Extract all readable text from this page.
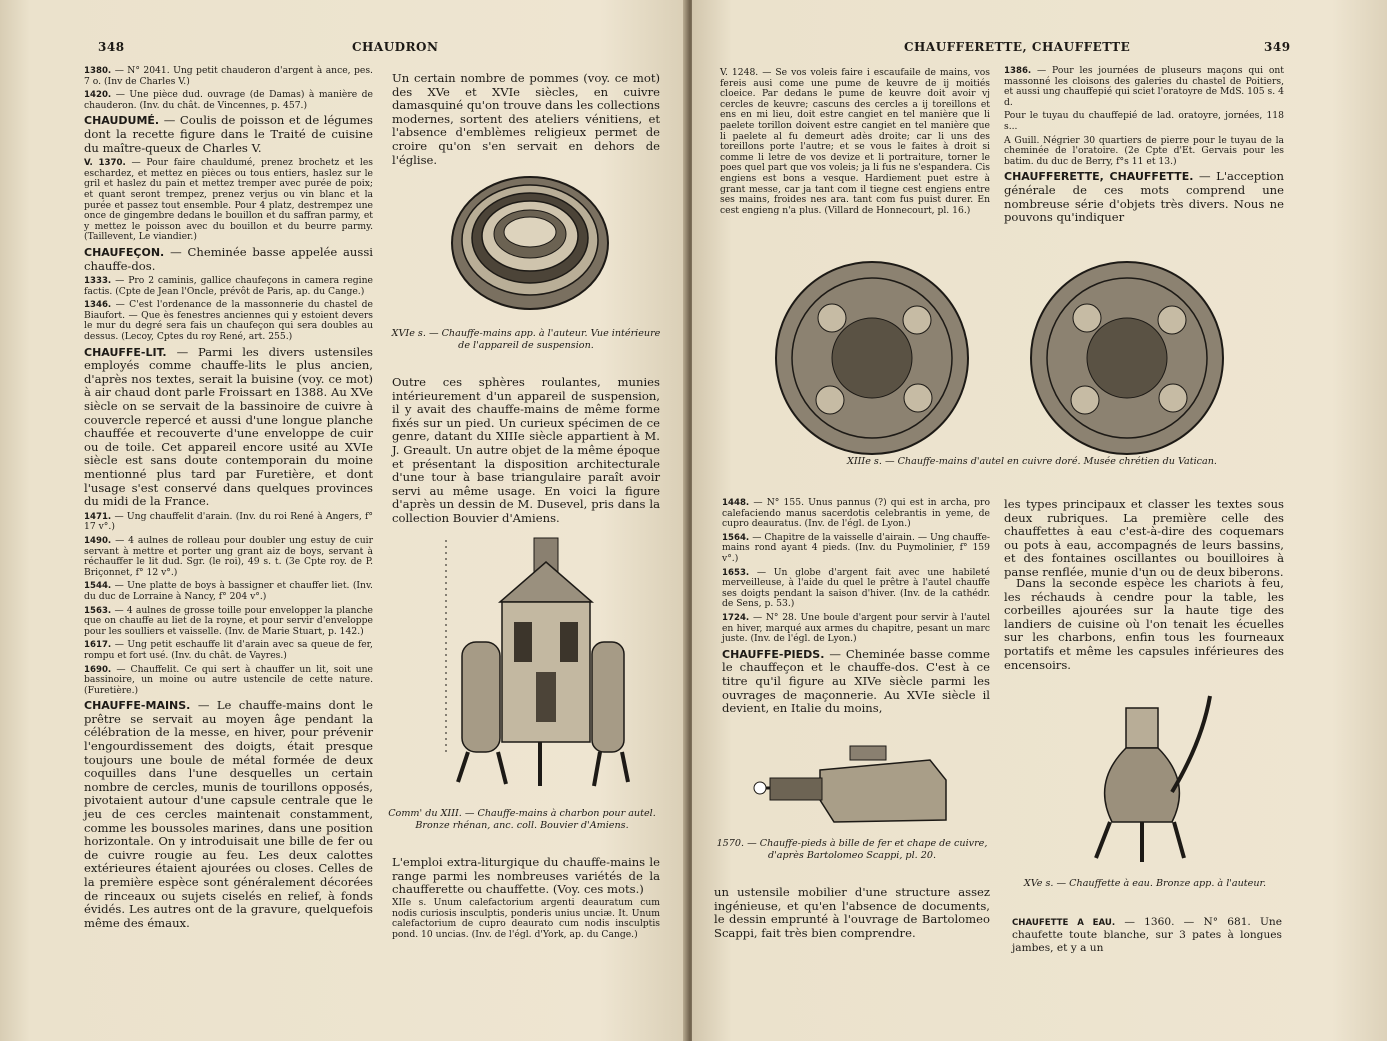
348	CHAUDRON

1380. — N° 2041. Ung petit chauderon d'argent à ance, pes. 7 o. (Inv de Charles V.)

1420. — Une pièce dud. ouvrage (de Damas) à manière de chauderon. (Inv. du chât. de Vincennes, p. 457.)

CHAUDUMÉ. — Coulis de poisson et de légumes dont la recette figure dans le Traité de cuisine du maître-queux de Charles V.

V. 1370. — Pour faire chauldumé, prenez brochetz et les eschardez, et mettez en pièces ou tous entiers, haslez sur le gril et haslez du pain et mettez tremper avec purée de poix; et quant seront trempez, prenez verjus ou vin blanc et la purée et passez tout ensemble. Pour 4 platz, destrempez une once de gingembre dedans le bouillon et du saffran parmy, et y mettez le poisson avec du bouillon et du beurre parmy. (Taillevent, Le viandier.)

CHAUFEÇON. — Cheminée basse appelée aussi chauffe-dos.

1333. — Pro 2 caminis, gallice chaufeçons in camera regine factis. (Cpte de Jean l'Oncle, prévôt de Paris, ap. du Cange.)

1346. — C'est l'ordenance de la massonnerie du chastel de Biaufort. — Que ès fenestres anciennes qui y estoient devers le mur du degré sera fais un chaufeçon qui sera doubles au dessus. (Lecoy, Cptes du roy René, art. 255.)

CHAUFFE-LIT. — Parmi les divers ustensiles employés comme chauffe-lits le plus ancien, d'après nos textes, serait la buisine (voy. ce mot) à air chaud dont parle Froissart en 1388. Au XVe siècle on se servait de la bassinoire de cuivre à couvercle repercé et aussi d'une longue planche chauffée et recouverte d'une enveloppe de cuir ou de toile. Cet appareil encore usité au XVIe siècle est sans doute contemporain du moine mentionné plus tard par Furetière, et dont l'usage s'est conservé dans quelques provinces du midi de la France.

1471. — Ung chauffelit d'arain. (Inv. du roi René à Angers, f° 17 v°.)

1490. — 4 aulnes de rolleau pour doubler ung estuy de cuir servant à mettre et porter ung grant aiz de boys, servant à réchauffer le lit dud. Sgr. (le roi), 49 s. t. (3e Cpte roy. de P. Briçonnet, f° 12 v°.)

1544. — Une platte de boys à bassigner et chauffer liet. (Inv. du duc de Lorraine à Nancy, f° 204 v°.)

1563. — 4 aulnes de grosse toille pour envelopper la planche que on chauffe au liet de la royne, et pour servir d'enveloppe pour les soulliers et vaisselle. (Inv. de Marie Stuart, p. 142.)

1617. — Ung petit eschauffe lit d'arain avec sa queue de fer, rompu et fort usé. (Inv. du chât. de Vayres.)

1690. — Chauffelit. Ce qui sert à chauffer un lit, soit une bassinoire, un moine ou autre ustencile de cette nature. (Furetière.)

CHAUFFE-MAINS. — Le chauffe-mains dont le prêtre se servait au moyen âge pendant la célébration de la messe, en hiver, pour prévenir l'engourdissement des doigts, était presque toujours une boule de métal formée de deux coquilles dans l'une desquelles un certain nombre de cercles, munis de tourillons opposés, pivotaient autour d'une capsule centrale que le jeu de ces cercles maintenait constamment, comme les boussoles marines, dans une position horizontale. On y introduisait une bille de fer ou de cuivre rougie au feu. Les deux calottes extérieures étaient ajourées ou closes. Celles de la première espèce sont généralement décorées de rinceaux ou sujets ciselés en relief, à fonds évidés. Les autres ont de la gravure, quelquefois même des émaux.

Un certain nombre de pommes (voy. ce mot) des XVe et XVIe siècles, en cuivre damasquiné qu'on trouve dans les collections modernes, sortent des ateliers vénitiens, et l'absence d'emblèmes religieux permet de croire qu'on s'en servait en dehors de l'église.
XVIe s. — Chauffe-mains app. à l'auteur. Vue intérieure de l'appareil de suspension.
Outre ces sphères roulantes, munies intérieurement d'un appareil de suspension, il y avait des chauffe-mains de même forme fixés sur un pied. Un curieux spécimen de ce genre, datant du XIIIe siècle appartient à M. J. Greault. Un autre objet de la même époque et présentant la disposition architecturale d'une tour à base triangulaire paraît avoir servi au même usage. En voici la figure d'après un dessin de M. Dusevel, pris dans la collection Bouvier d'Amiens.
Comm' du XIII. — Chauffe-mains à charbon pour autel. Bronze rhénan, anc. coll. Bouvier d'Amiens.
L'emploi extra-liturgique du chauffe-mains le range parmi les nombreuses variétés de la chaufferette ou chauffette. (Voy. ces mots.)
XIIe s. Unum calefactorium argenti deauratum cum nodis curiosis insculptis, ponderis unius unciæ. It. Unum calefactorium de cupro deaurato cum nodis insculptis pond. 10 uncias. (Inv. de l'égl. d'York, ap. du Cange.)
CHAUFFERETTE, CHAUFFETTE	349
V. 1248. — Se vos voleis faire i escaufaile de mains, vos fereis ausi come une pume de keuvre de ij moitiés cloeice. Par dedans le pume de keuvre doit avoir vj cercles de keuvre; cascuns des cercles a ij toreillons et ens en mi lieu, doit estre cangiet en tel manière que li paelete torillon doivent estre cangiet en tel manière que li paelete al fu demeurt adès droite; car li uns des toreillons porte l'autre; et se vous le faites à droit si comme li letre de vos devize et li portraiture, torner le poes quel part que vos voleis; ja li fus ne s'espandera. Cis engiens est bons a vesque. Hardiement puet estre à grant messe, car ja tant com il tiegne cest engiens entre ses mains, froides nes ara. tant com fus puist durer. En cest engieng n'a plus. (Villard de Honnecourt, pl. 16.)

1386. — Pour les journées de pluseurs maçons qui ont massonné les cloisons des galeries du chastel de Poitiers, et aussi ung chauffepié qui sciet l'oratoyre de MdS. 105 s. 4 d.

Pour le tuyau du chauffepié de lad. oratoyre, jornées, 118 s...

A Guill. Négrier 30 quartiers de pierre pour le tuyau de la cheminée de l'oratoire. (2e Cpte d'Et. Gervais pour les batim. du duc de Berry, f°s 11 et 13.)

CHAUFFERETTE, CHAUFFETTE. — L'acception générale de ces mots comprend une nombreuse série d'objets très divers. Nous ne pouvons qu'indiquer

XIIIe s. — Chauffe-mains d'autel en cuivre doré. Musée chrétien du Vatican.

1448. — N° 155. Unus pannus (?) qui est in archa, pro calefaciendo manus sacerdotis celebrantis in yeme, de cupro deauratus. (Inv. de l'égl. de Lyon.)

1564. — Chapitre de la vaisselle d'airain. — Ung chauffe-mains rond ayant 4 pieds. (Inv. du Puymolinier, f° 159 v°.)

1653. — Un globe d'argent fait avec une habileté merveilleuse, à l'aide du quel le prêtre à l'autel chauffe ses doigts pendant la saison d'hiver. (Inv. de la cathédr. de Sens, p. 53.)

1724. — N° 28. Une boule d'argent pour servir à l'autel en hiver, marqué aux armes du chapitre, pesant un marc juste. (Inv. de l'égl. de Lyon.)

CHAUFFE-PIEDS. — Cheminée basse comme le chauffeçon et le chauffe-dos. C'est à ce titre qu'il figure au XIVe siècle parmi les ouvrages de maçonnerie. Au XVIe siècle il devient, en Italie du moins,

1570. — Chauffe-pieds à bille de fer et chape de cuivre, d'après Bartolomeo Scappi, pl. 20.
un ustensile mobilier d'une structure assez ingénieuse, et qu'en l'absence de documents, le dessin emprunté à l'ouvrage de Bartolomeo Scappi, fait très bien comprendre.
les types principaux et classer les textes sous deux rubriques. La première celle des chauffettes à eau c'est-à-dire des coquemars ou pots à eau, accompagnés de leurs bassins, et des fontaines oscillantes ou bouilloires à panse renflée, munie d'un ou de deux biberons.
Dans la seconde espèce les chariots à feu, les réchauds à cendre pour la table, les corbeilles ajourées sur la haute tige des landiers de cuisine où l'on tenait les écuelles sur les charbons, enfin tous les fourneaux portatifs et même les capsules inférieures des encensoirs.
XVe s. — Chauffette à eau. Bronze app. à l'auteur.
CHAUFETTE A EAU. — 1360. — N° 681. Une chaufette toute blanche, sur 3 pates à longues jambes, et y a un
